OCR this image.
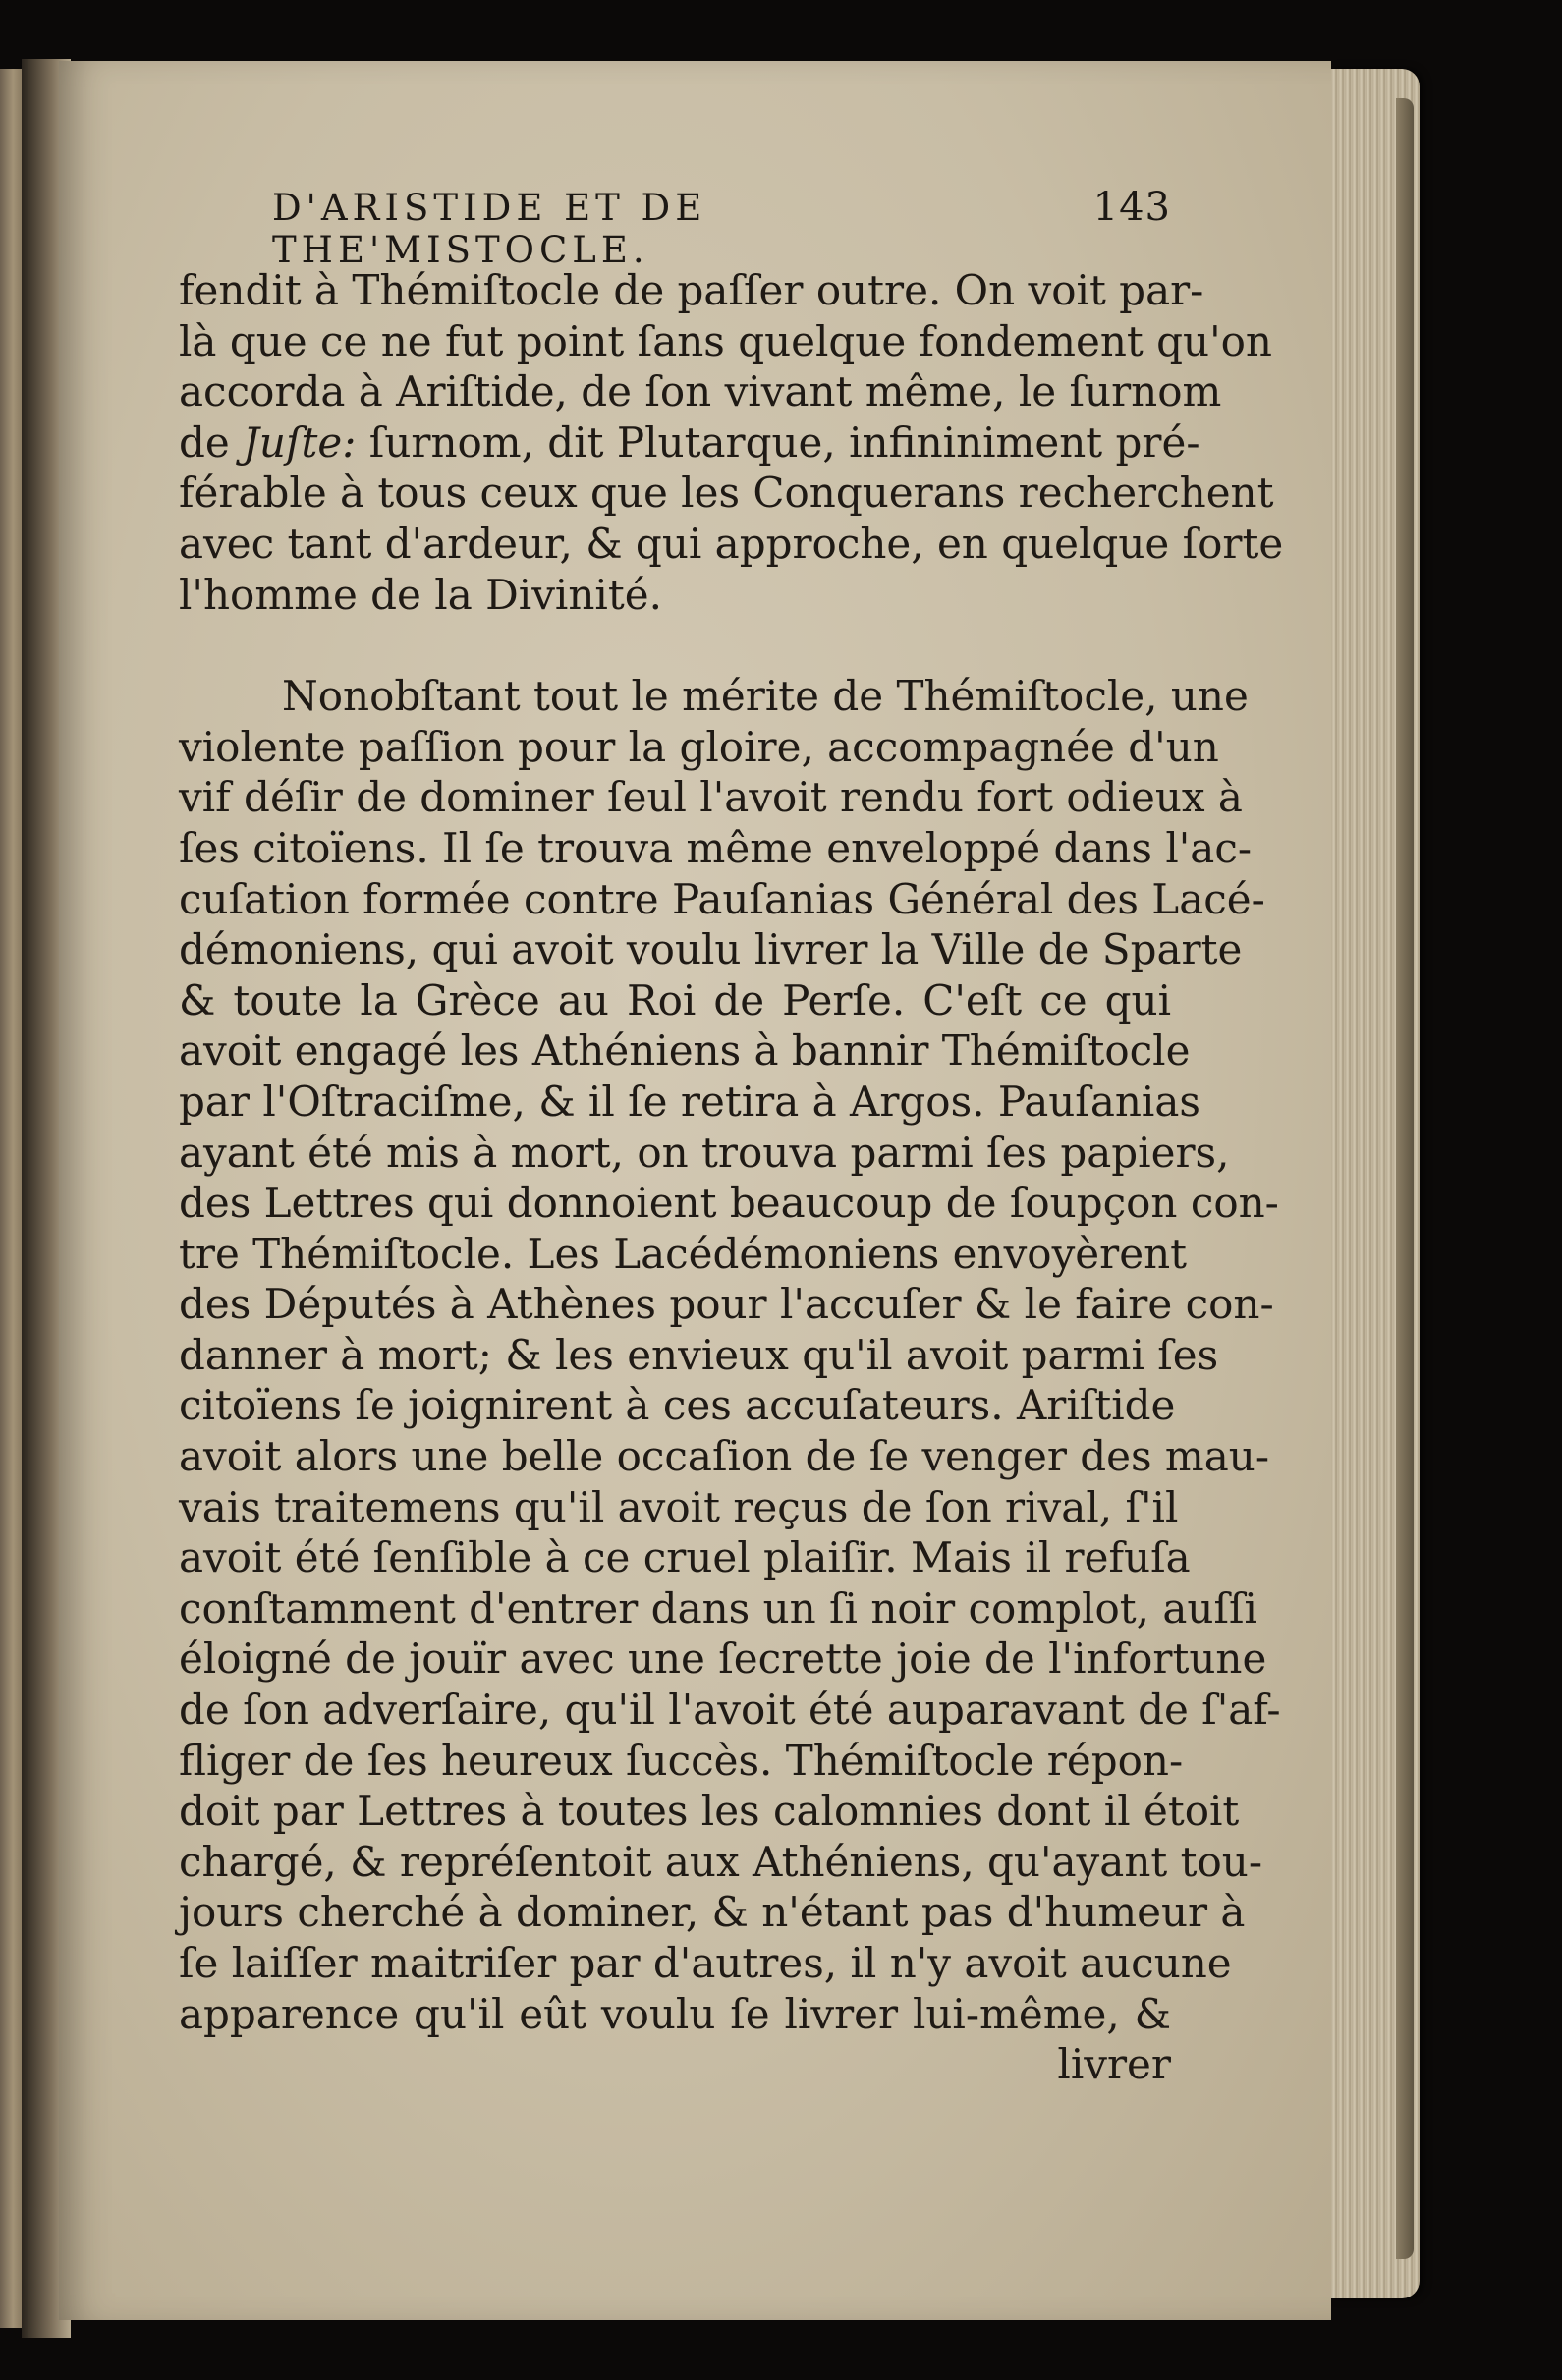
D'ARISTIDE ET DE THE'MISTOCLE.
143
fendit à Thémiſtocle de paſſer outre. On voit par-
là que ce ne fut point ſans quelque fondement qu'on
accorda à Ariſtide, de ſon vivant même, le ſurnom
de Juſte: ſurnom, dit Plutarque, infininiment pré-
férable à tous ceux que les Conquerans recherchent
avec tant d'ardeur, & qui approche, en quelque ſorte
l'homme de la Divinité.
Nonobſtant tout le mérite de Thémiſtocle, une
violente paſſion pour la gloire, accompagnée d'un
vif déſir de dominer ſeul l'avoit rendu fort odieux à
ſes citoïens. Il ſe trouva même enveloppé dans l'ac-
cuſation formée contre Pauſanias Général des Lacé-
démoniens, qui avoit voulu livrer la Ville de Sparte
& toute la Grèce au Roi de Perſe. C'eſt ce qui
avoit engagé les Athéniens à bannir Thémiſtocle
par l'Oſtraciſme, & il ſe retira à Argos. Pauſanias
ayant été mis à mort, on trouva parmi ſes papiers,
des Lettres qui donnoient beaucoup de ſoupçon con-
tre Thémiſtocle. Les Lacédémoniens envoyèrent
des Députés à Athènes pour l'accuſer & le faire con-
danner à mort; & les envieux qu'il avoit parmi ſes
citoïens ſe joignirent à ces accuſateurs. Ariſtide
avoit alors une belle occaſion de ſe venger des mau-
vais traitemens qu'il avoit reçus de ſon rival, ſ'il
avoit été ſenſible à ce cruel plaiſir. Mais il refuſa
conſtamment d'entrer dans un ſi noir complot, auſſi
éloigné de jouïr avec une ſecrette joie de l'infortune
de ſon adverſaire, qu'il l'avoit été auparavant de ſ'af-
fliger de ſes heureux ſuccès. Thémiſtocle répon-
doit par Lettres à toutes les calomnies dont il étoit
chargé, & repréſentoit aux Athéniens, qu'ayant tou-
jours cherché à dominer, & n'étant pas d'humeur à
ſe laiſſer maitriſer par d'autres, il n'y avoit aucune
apparence qu'il eût voulu ſe livrer lui-même, &
livrer
